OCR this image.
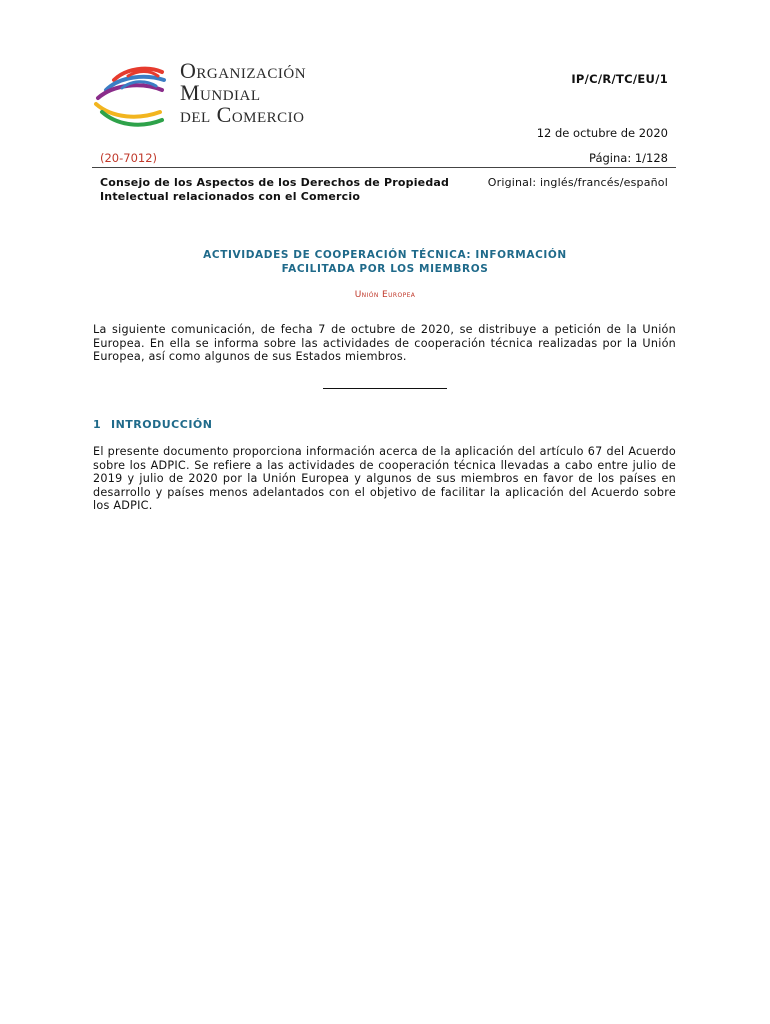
Organización
Mundial
del Comercio
IP/C/R/TC/EU/1
12 de octubre de 2020
(20-7012)	Página: 1/128
Consejo de los Aspectos de los Derechos de Propiedad Intelectual relacionados con el Comercio
Original: inglés/francés/español
ACTIVIDADES DE COOPERACIÓN TÉCNICA: INFORMACIÓN
FACILITADA POR LOS MIEMBROS
Unión Europea
La siguiente comunicación, de fecha 7 de octubre de 2020, se distribuye a petición de la Unión Europea. En ella se informa sobre las actividades de cooperación técnica realizadas por la Unión Europea, así como algunos de sus Estados miembros.
1 INTRODUCCIÓN
El presente documento proporciona información acerca de la aplicación del artículo 67 del Acuerdo sobre los ADPIC. Se refiere a las actividades de cooperación técnica llevadas a cabo entre julio de 2019 y julio de 2020 por la Unión Europea y algunos de sus miembros en favor de los países en desarrollo y países menos adelantados con el objetivo de facilitar la aplicación del Acuerdo sobre los ADPIC.
